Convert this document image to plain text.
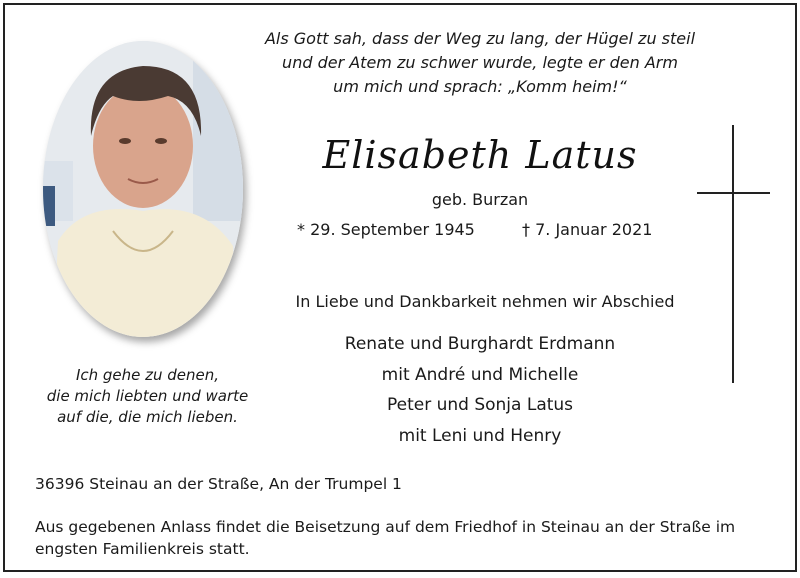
Als Gott sah, dass der Weg zu lang, der Hügel zu steil
und der Atem zu schwer wurde, legte er den Arm
um mich und sprach: „Komm heim!“
Elisabeth Latus
geb. Burzan
* 29. September 1945	† 7. Januar 2021
In Liebe und Dankbarkeit nehmen wir Abschied
Renate und Burghardt Erdmann
mit André und Michelle
Peter und Sonja Latus
mit Leni und Henry
Ich gehe zu denen,
die mich liebten und warte
auf die, die mich lieben.
36396 Steinau an der Straße, An der Trumpel 1
Aus gegebenen Anlass findet die Beisetzung auf dem Friedhof in Steinau an der Straße im engsten Familienkreis statt.
